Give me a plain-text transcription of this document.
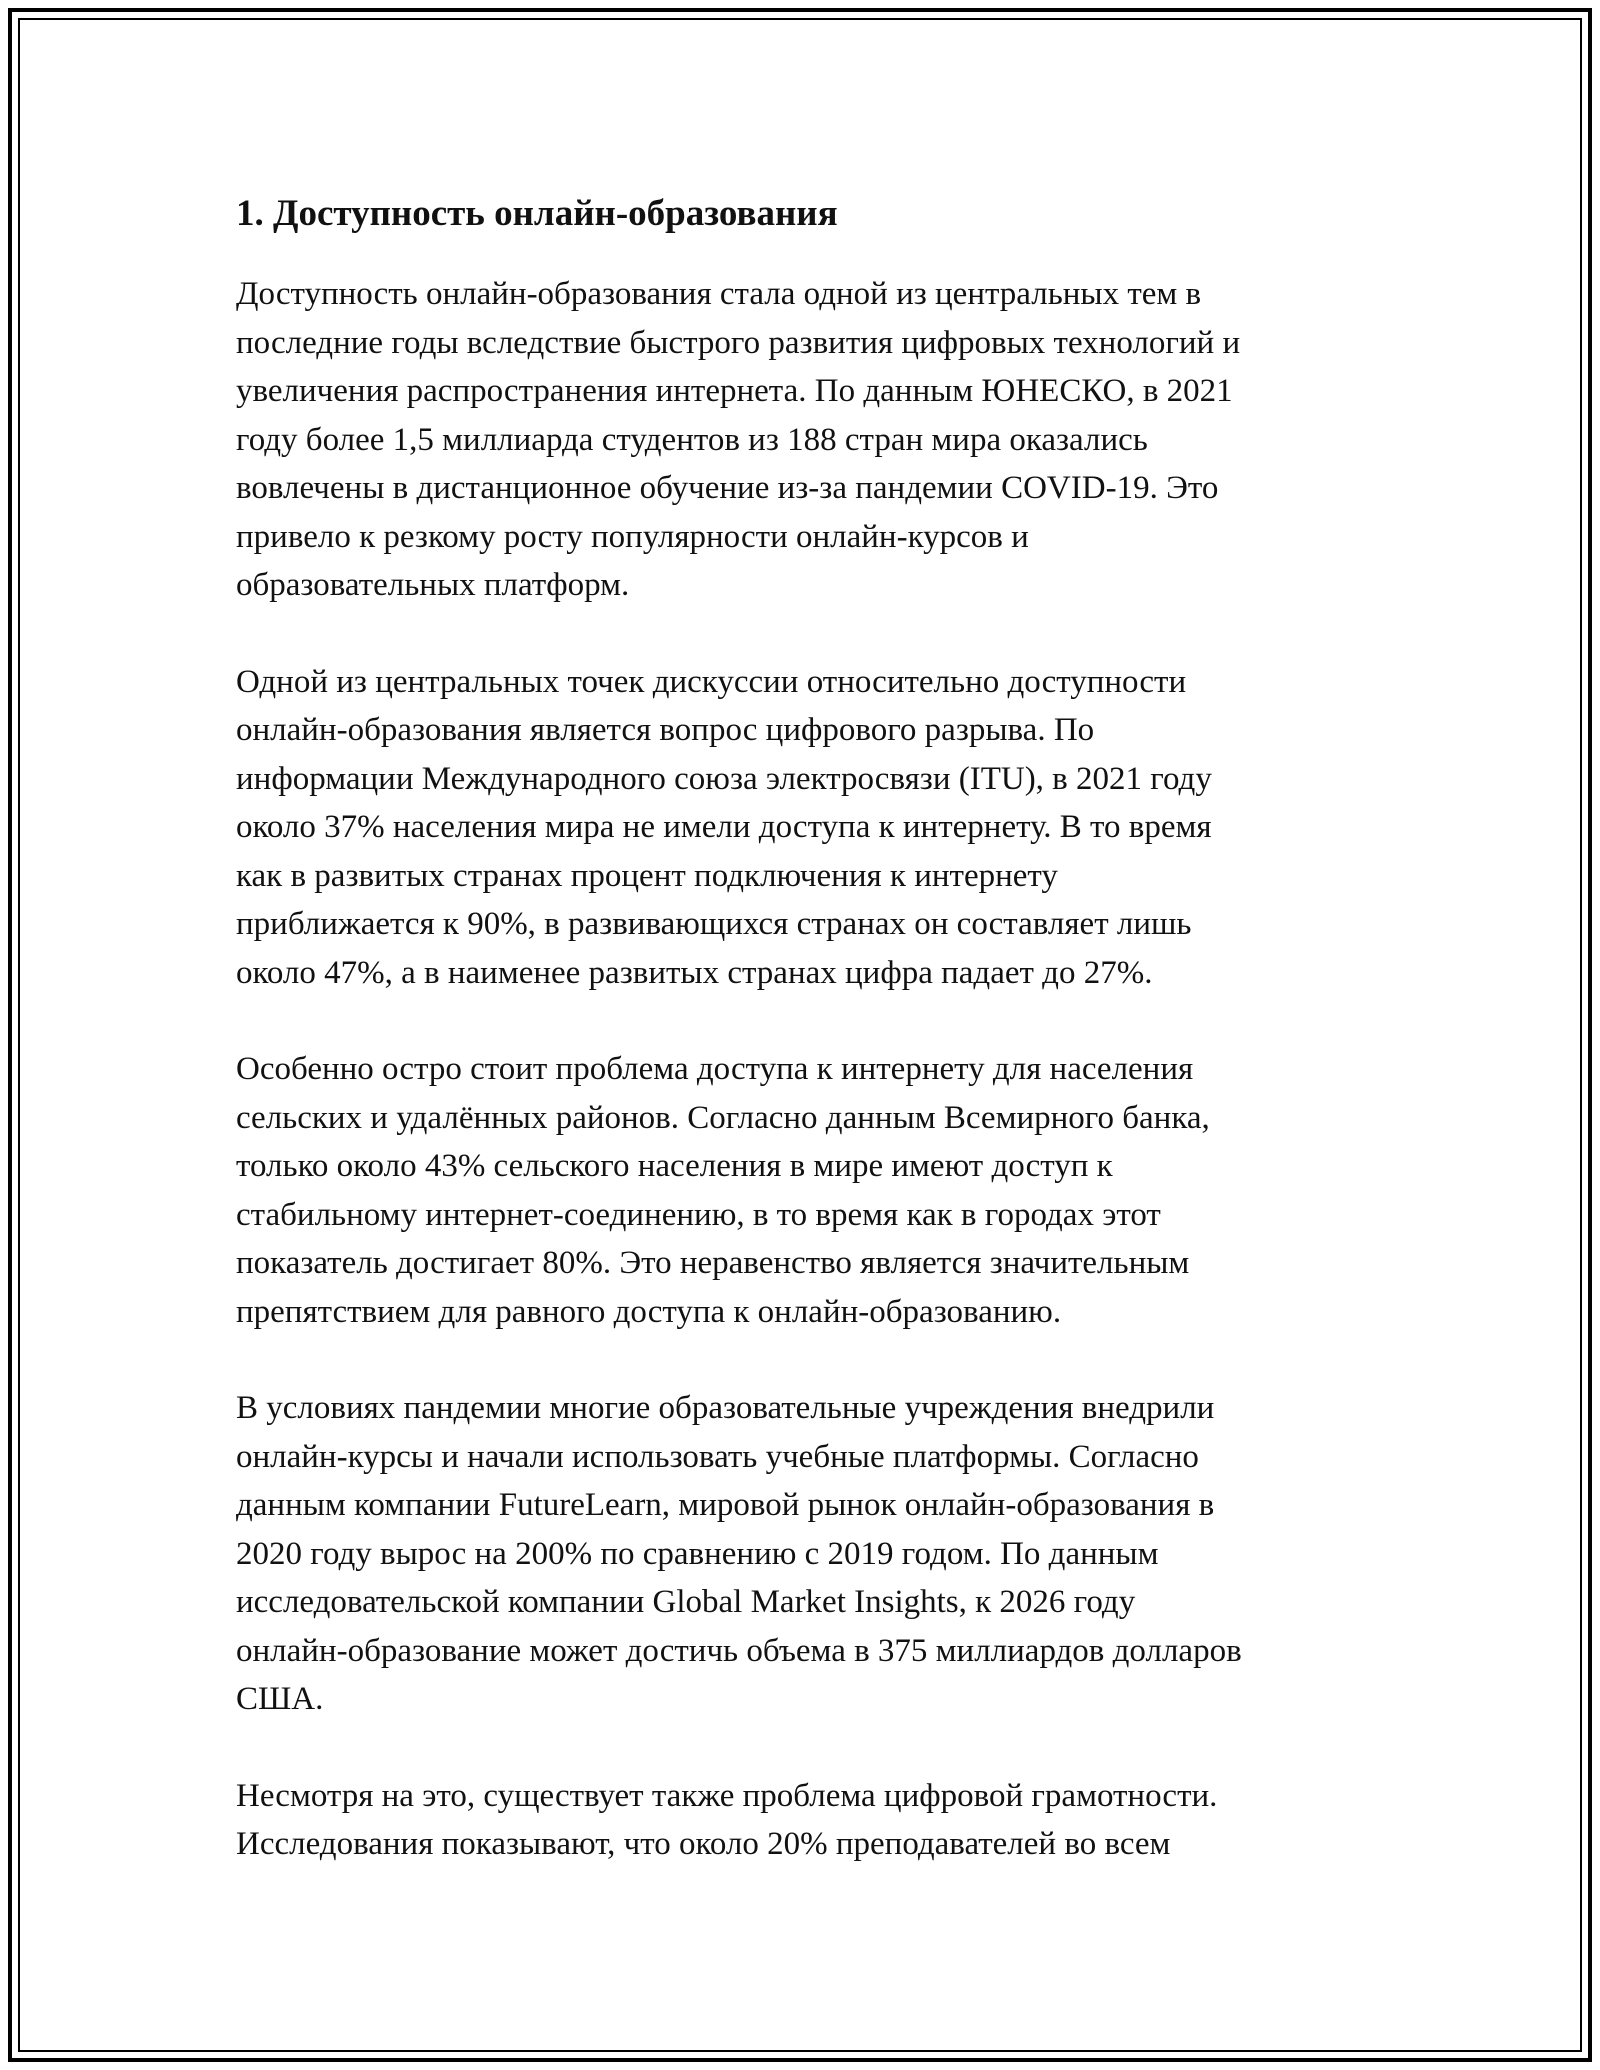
1. Доступность онлайн-образования

Доступность онлайн-образования стала одной из центральных тем в
последние годы вследствие быстрого развития цифровых технологий и
увеличения распространения интернета. По данным ЮНЕСКО, в 2021
году более 1,5 миллиарда студентов из 188 стран мира оказались
вовлечены в дистанционное обучение из-за пандемии COVID-19. Это
привело к резкому росту популярности онлайн-курсов и
образовательных платформ.

Одной из центральных точек дискуссии относительно доступности
онлайн-образования является вопрос цифрового разрыва. По
информации Международного союза электросвязи (ITU), в 2021 году
около 37% населения мира не имели доступа к интернету. В то время
как в развитых странах процент подключения к интернету
приближается к 90%, в развивающихся странах он составляет лишь
около 47%, а в наименее развитых странах цифра падает до 27%.

Особенно остро стоит проблема доступа к интернету для населения
сельских и удалённых районов. Согласно данным Всемирного банка,
только около 43% сельского населения в мире имеют доступ к
стабильному интернет-соединению, в то время как в городах этот
показатель достигает 80%. Это неравенство является значительным
препятствием для равного доступа к онлайн-образованию.

В условиях пандемии многие образовательные учреждения внедрили
онлайн-курсы и начали использовать учебные платформы. Согласно
данным компании FutureLearn, мировой рынок онлайн-образования в
2020 году вырос на 200% по сравнению с 2019 годом. По данным
исследовательской компании Global Market Insights, к 2026 году
онлайн-образование может достичь объема в 375 миллиардов долларов
США.

Несмотря на это, существует также проблема цифровой грамотности.
Исследования показывают, что около 20% преподавателей во всем
